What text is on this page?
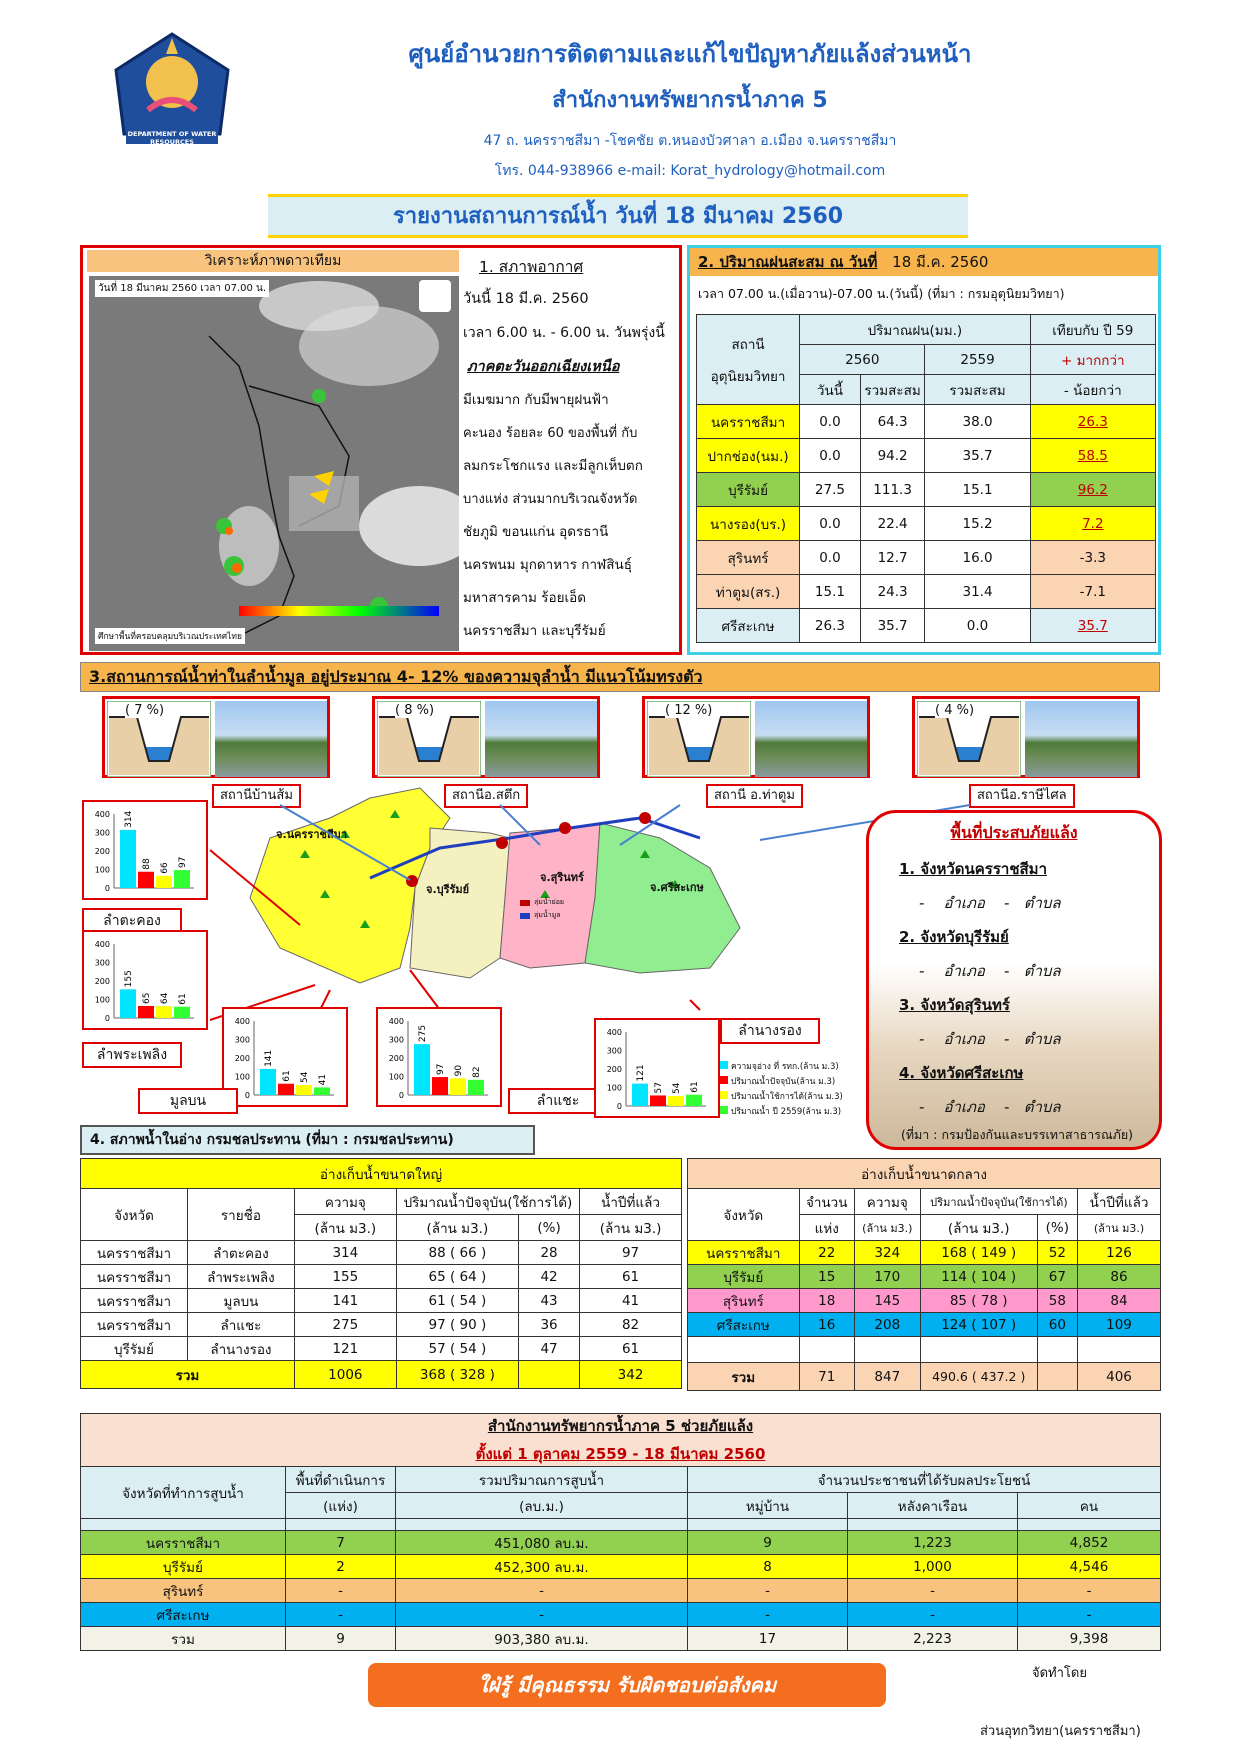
DEPARTMENT OF WATER RESOURCES
ศูนย์อำนวยการติดตามและแก้ไขปัญหาภัยแล้งส่วนหน้า
สำนักงานทรัพยากรน้ำภาค 5
47 ถ. นครราชสีมา -โชคชัย ต.หนองบัวศาลา อ.เมือง จ.นครราชสีมา
โทร. 044-938966 e-mail: Korat_hydrology@hotmail.com
รายงานสถานการณ์น้ำ วันที่ 18 มีนาคม 2560
วิเคราะห์ภาพดาวเทียม
วันที่ 18 มีนาคม 2560 เวลา 07.00 น.
ศึกษาพื้นที่ครอบคลุมบริเวณประเทศไทย
1. สภาพอากาศ
วันนี้ 18 มี.ค. 2560
เวลา 6.00 น. - 6.00 น. วันพรุ่งนี้
ภาคตะวันออกเฉียงเหนือ
มีเมฆมาก กับมีพายุฝนฟ้า
คะนอง ร้อยละ 60 ของพื้นที่ กับ
ลมกระโชกแรง และมีลูกเห็บตก
บางแห่ง ส่วนมากบริเวณจังหวัด
ชัยภูมิ ขอนแก่น อุดรธานี
นครพนม มุกดาหาร กาฬสินธุ์
มหาสารคาม ร้อยเอ็ด
นครราชสีมา และบุรีรัมย์
2. ปริมาณฝนสะสม ณ วันที่ 18 มี.ค. 2560
เวลา 07.00 น.(เมื่อวาน)-07.00 น.(วันนี้) (ที่มา : กรมอุตุนิยมวิทยา)
สถานี
อุตุนิยมวิทยา	ปริมาณฝน(มม.)			เทียบกับ ปี 59
	2560		2559	+ มากกว่า
	วันนี้	รวมสะสม	รวมสะสม	- น้อยกว่า
นครราชสีมา	0.0	64.3	38.0	26.3
ปากช่อง(นม.)	0.0	94.2	35.7	58.5
บุรีรัมย์	27.5	111.3	15.1	96.2
นางรอง(บร.)	0.0	22.4	15.2	7.2
สุรินทร์	0.0	12.7	16.0	-3.3
ท่าตูม(สร.)	15.1	24.3	31.4	-7.1
ศรีสะเกษ	26.3	35.7	0.0	35.7
3.สถานการณ์น้ำท่าในลำน้ำมูล อยู่ประมาณ 4- 12% ของความจุลำน้ำ มีแนวโน้มทรงตัว
( 7 %)
สถานีบ้านส้ม
( 8 %)
สถานีอ.สตึก
( 12 %)
สถานี อ.ท่าตูม
( 4 %)
สถานีอ.ราษีไศล
จ.นครราชสีมา
จ.บุรีรัมย์
จ.สุรินทร์
จ.ศรีสะเกษ
ลุ่มน้ำย่อย
ลุ่มน้ำมูล
0
100
200
300
400 314
88 66
97
ลำตะคอง
0
100
200
300
400
155
65 64 61
ลำพระเพลิง
0
100
200
300
400
141
61 54 41
มูลบน	0
100
200
300
400
275
97 90 82
ลำแชะ	0
100
200
300
400
121
57 54 61
ลำนางรอง
ความจุอ่าง ที่ รทก.(ล้าน ม.3)
ปริมาณน้ำปัจจุบัน(ล้าน ม.3)
ปริมาณน้ำใช้การได้(ล้าน ม.3)
ปริมาณน้ำ ปี 2559(ล้าน ม.3)
พื้นที่ประสบภัยแล้ง
1. จังหวัดนครราชสีมา
-    อำเภอ    -   ตำบล
2. จังหวัดบุรีรัมย์
-    อำเภอ    -   ตำบล
3. จังหวัดสุรินทร์
-    อำเภอ    -   ตำบล
4. จังหวัดศรีสะเกษ
-    อำเภอ    -   ตำบล
(ที่มา : กรมป้องกันและบรรเทาสาธารณภัย)
4. สภาพน้ำในอ่าง กรมชลประทาน (ที่มา : กรมชลประทาน)
อ่างเก็บน้ำขนาดใหญ่					
จังหวัด	รายชื่อ	ความจุ	ปริมาณน้ำปัจจุบัน(ใช้การได้)		น้ำปีที่แล้ว
		(ล้าน ม3.)	(ล้าน ม3.)	(%)	(ล้าน ม3.)
นครราชสีมา	ลำตะคอง	314	88 ( 66 )	28	97
นครราชสีมา	ลำพระเพลิง	155	65 ( 64 )	42	61
นครราชสีมา	มูลบน	141	61 ( 54 )	43	41
นครราชสีมา	ลำแชะ	275	97 ( 90 )	36	82
บุรีรัมย์	ลำนางรอง	121	57 ( 54 )	47	61
รวม		1006	368 ( 328 )		342
อ่างเก็บน้ำขนาดกลาง					
จังหวัด	จำนวน	ความจุ	ปริมาณน้ำปัจจุบัน(ใช้การได้)		น้ำปีที่แล้ว
	แห่ง	(ล้าน ม3.)	(ล้าน ม3.)	(%)	(ล้าน ม3.)
นครราชสีมา	22	324	168 ( 149 )	52	126
บุรีรัมย์	15	170	114 ( 104 )	67	86
สุรินทร์	18	145	85 ( 78 )	58	84
ศรีสะเกษ	16	208	124 ( 107 )	60	109

รวม	71	847	490.6 ( 437.2 )		406
สำนักงานทรัพยากรน้ำภาค 5 ช่วยภัยแล้ง
ตั้งแต่ 1 ตุลาคม 2559 - 18 มีนาคม 2560					

จังหวัดที่ทำการสูบน้ำ	พื้นที่ดำเนินการ	รวมปริมาณการสูบน้ำ	จำนวนประชาชนที่ได้รับผลประโยชน์		
	(แห่ง)	(ลบ.ม.)	หมู่บ้าน	หลังคาเรือน	คน

นครราชสีมา	7	451,080 ลบ.ม.	9	1,223	4,852
บุรีรัมย์	2	452,300 ลบ.ม.	8	1,000	4,546
สุรินทร์	-	-	-	-	-
ศรีสะเกษ	-	-	-	-	-
รวม	9	903,380 ลบ.ม.	17	2,223	9,398
ใฝ่รู้ มีคุณธรรม รับผิดชอบต่อสังคม	จัดทำโดย
ส่วนอุทกวิทยา(นครราชสีมา)
